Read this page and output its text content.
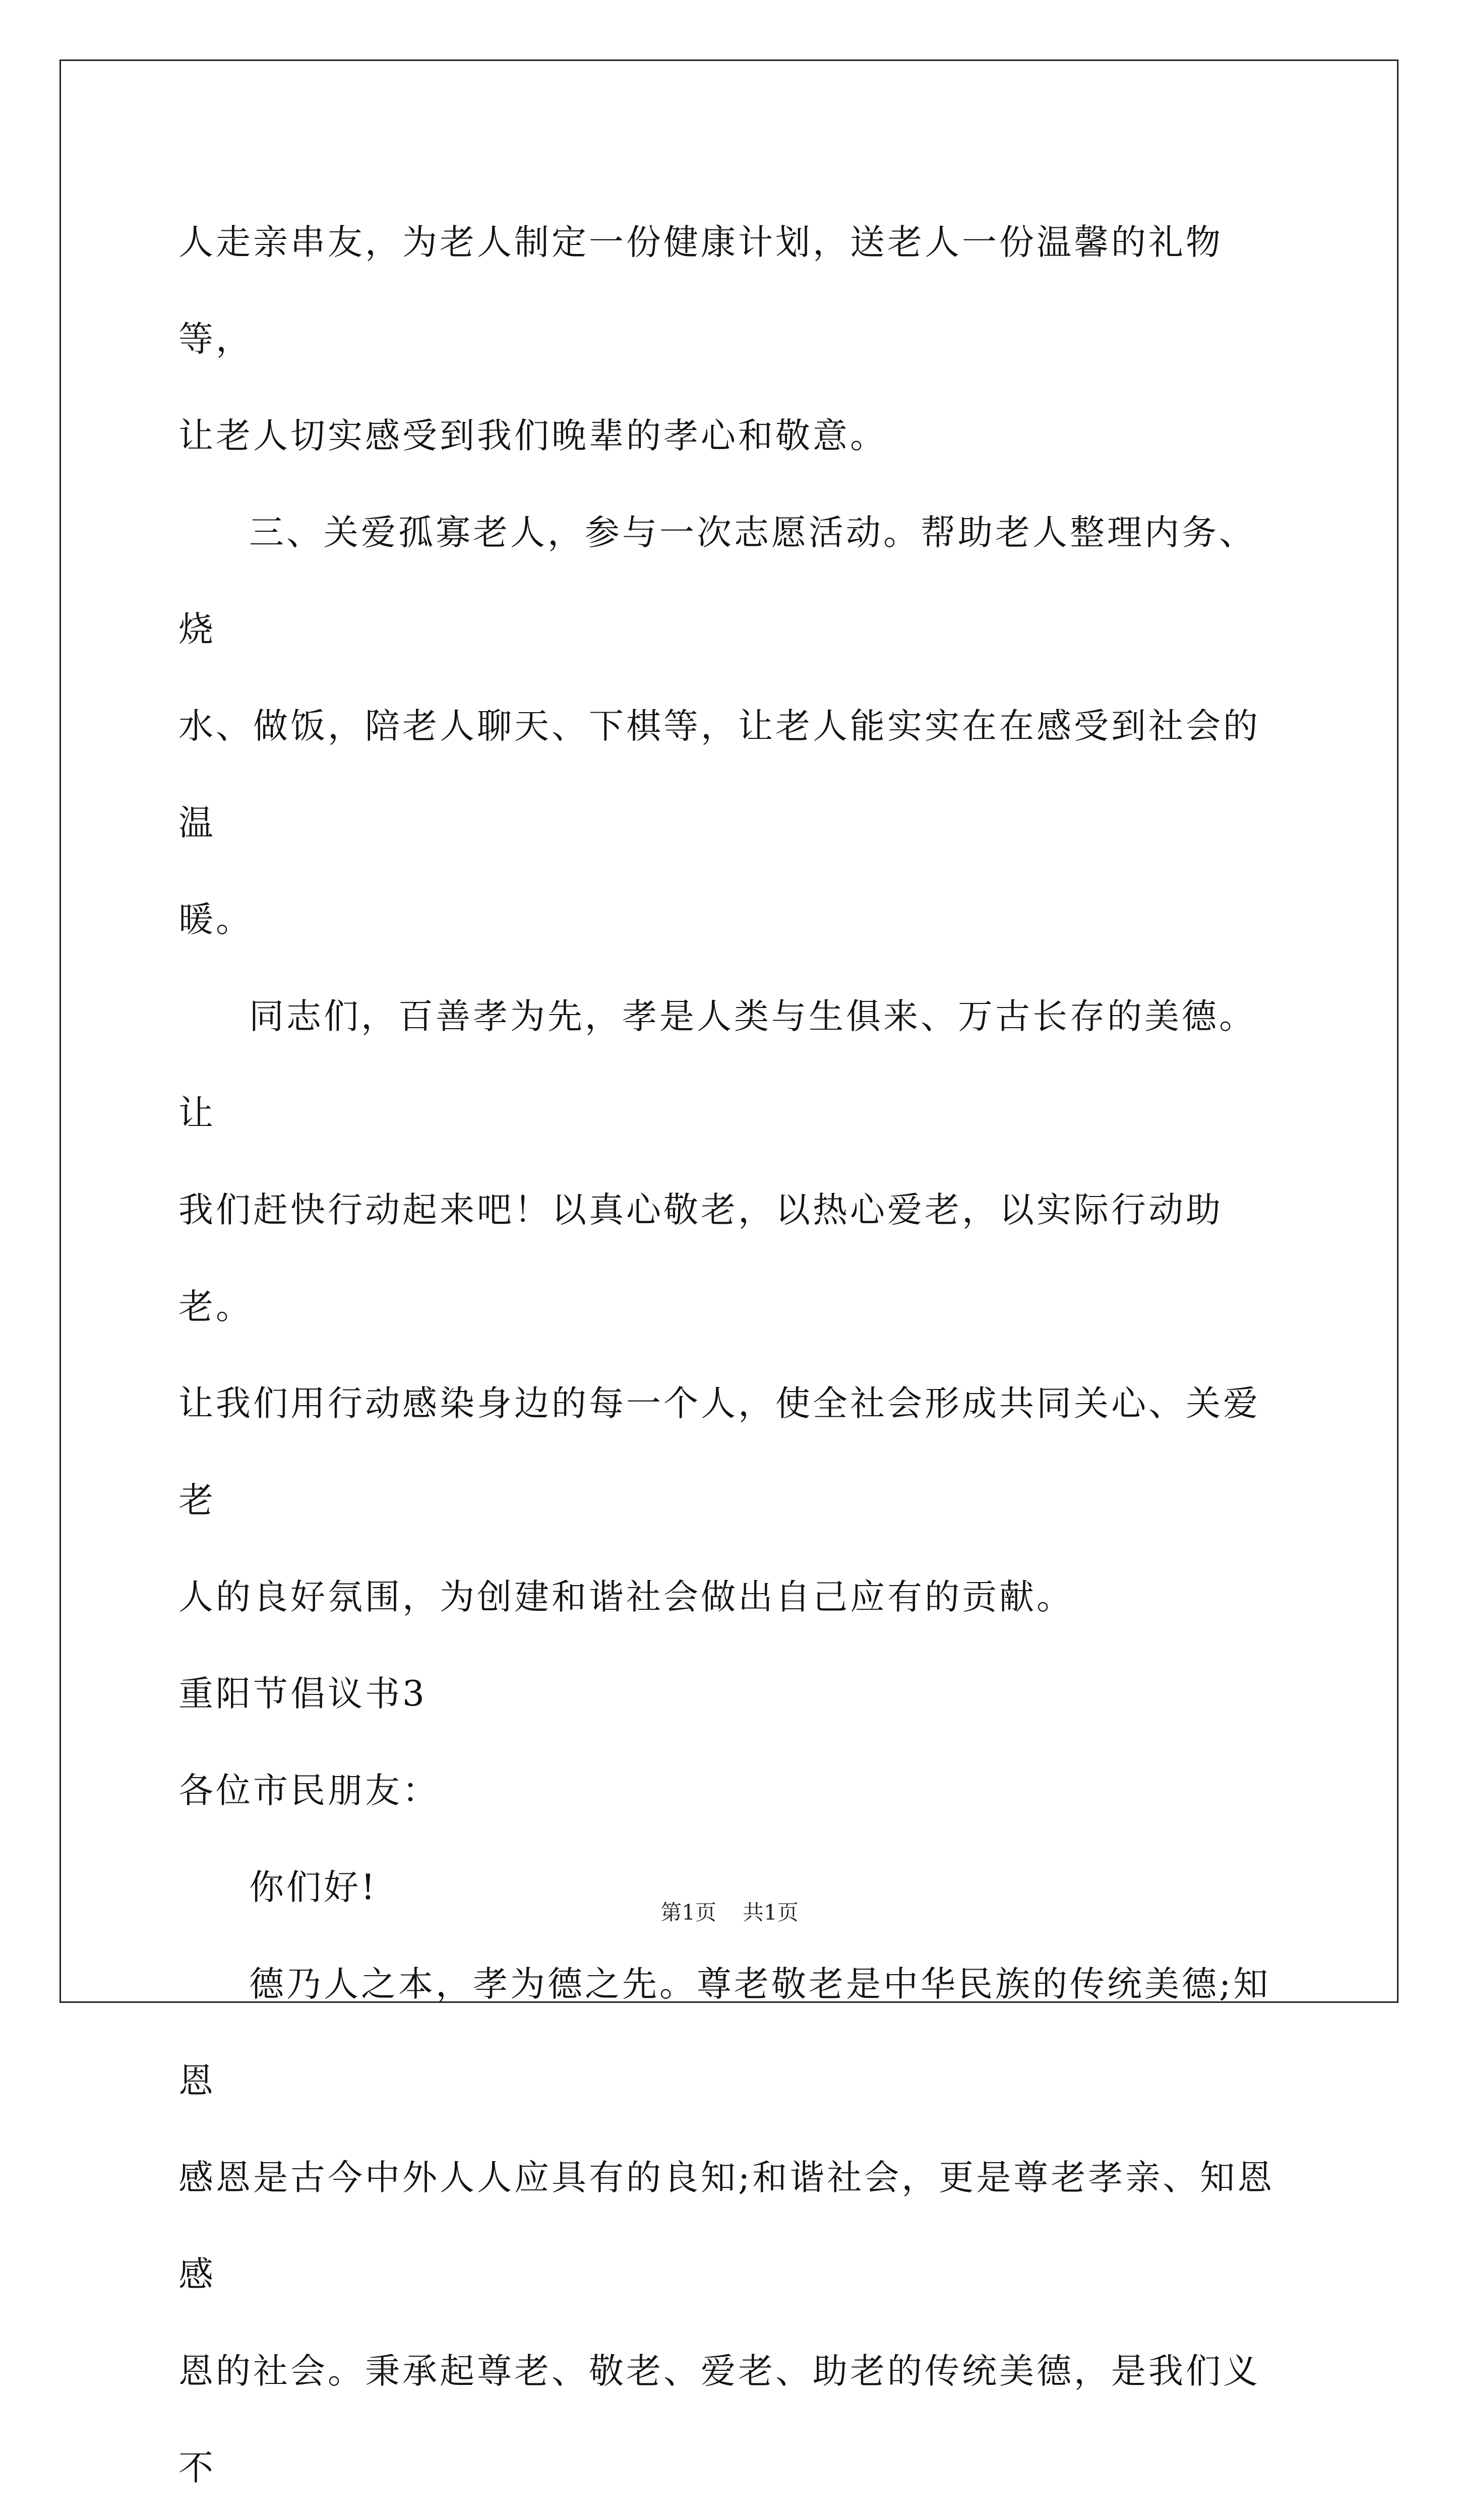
人走亲串友，为老人制定一份健康计划，送老人一份温馨的礼物等，
让老人切实感受到我们晚辈的孝心和敬意。

三、关爱孤寡老人，参与一次志愿活动。帮助老人整理内务、烧
水、做饭，陪老人聊天、下棋等，让老人能实实在在感受到社会的温
暖。

同志们，百善孝为先，孝是人类与生俱来、万古长存的美德。让
我们赶快行动起来吧！以真心敬老，以热心爱老，以实际行动助老。
让我们用行动感染身边的每一个人，使全社会形成共同关心、关爱老
人的良好氛围，为创建和谐社会做出自己应有的贡献。

重阳节倡议书3

各位市民朋友：

你们好!

德乃人之本，孝为德之先。尊老敬老是中华民族的传统美德;知恩
感恩是古今中外人人应具有的良知;和谐社会，更是尊老孝亲、知恩感
恩的社会。秉承起尊老、敬老、爱老、助老的传统美德，是我们义不

第1页 共1页
